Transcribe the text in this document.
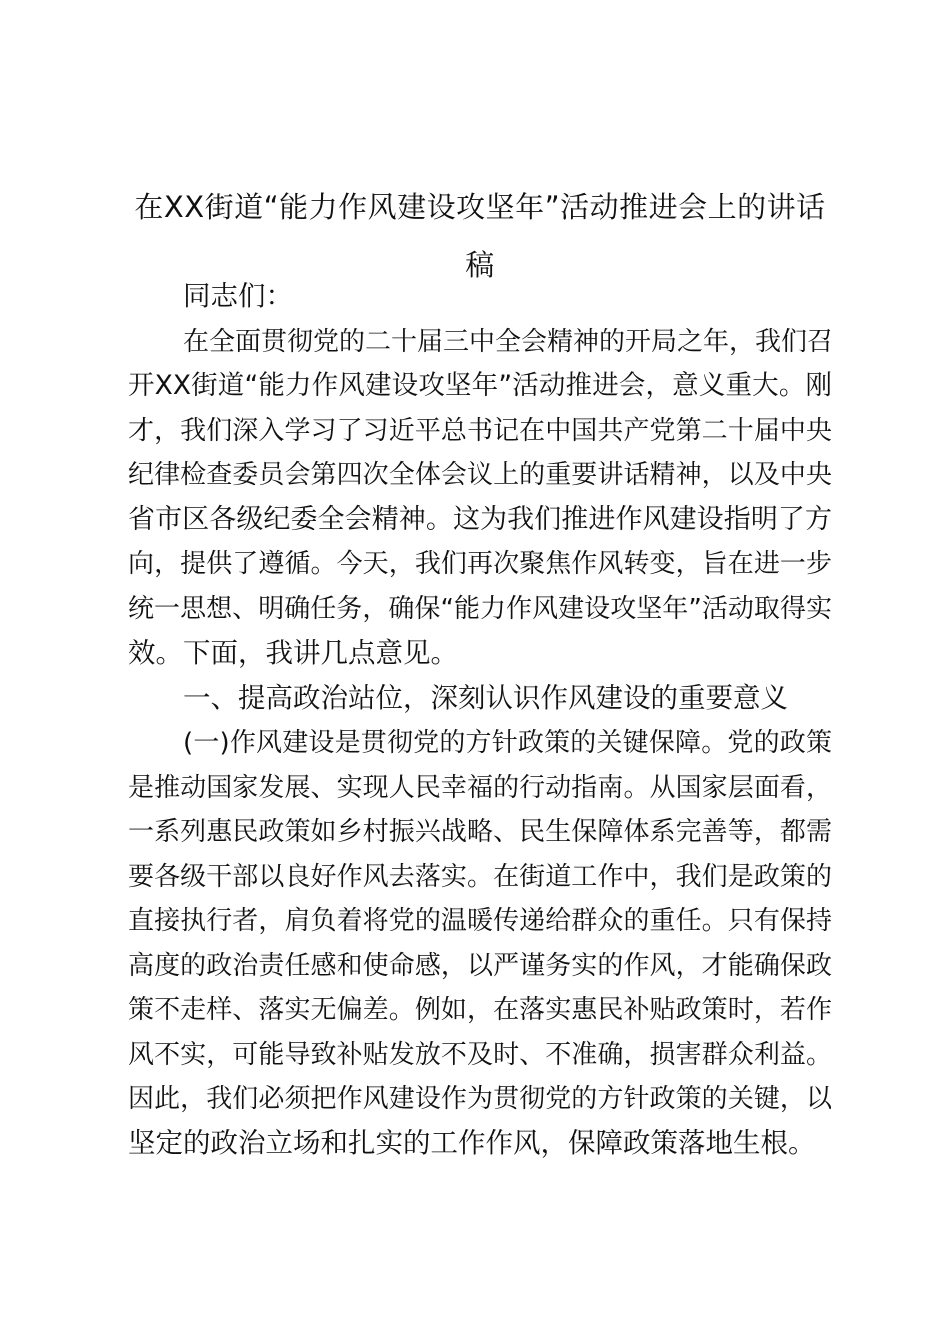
在XX街道“能力作风建设攻坚年”活动推进会上的讲话稿
同志们：
在全面贯彻党的二十届三中全会精神的开局之年，我们召
开XX街道“能力作风建设攻坚年”活动推进会，意义重大。刚
才，我们深入学习了习近平总书记在中国共产党第二十届中央
纪律检查委员会第四次全体会议上的重要讲话精神，以及中央
省市区各级纪委全会精神。这为我们推进作风建设指明了方
向，提供了遵循。今天，我们再次聚焦作风转变，旨在进一步
统一思想、明确任务，确保“能力作风建设攻坚年”活动取得实
效。下面，我讲几点意见。
一、提高政治站位，深刻认识作风建设的重要意义
(一)作风建设是贯彻党的方针政策的关键保障。党的政策
是推动国家发展、实现人民幸福的行动指南。从国家层面看，
一系列惠民政策如乡村振兴战略、民生保障体系完善等，都需
要各级干部以良好作风去落实。在街道工作中，我们是政策的
直接执行者，肩负着将党的温暖传递给群众的重任。只有保持
高度的政治责任感和使命感，以严谨务实的作风，才能确保政
策不走样、落实无偏差。例如，在落实惠民补贴政策时，若作
风不实，可能导致补贴发放不及时、不准确，损害群众利益。
因此，我们必须把作风建设作为贯彻党的方针政策的关键，以
坚定的政治立场和扎实的工作作风，保障政策落地生根。
